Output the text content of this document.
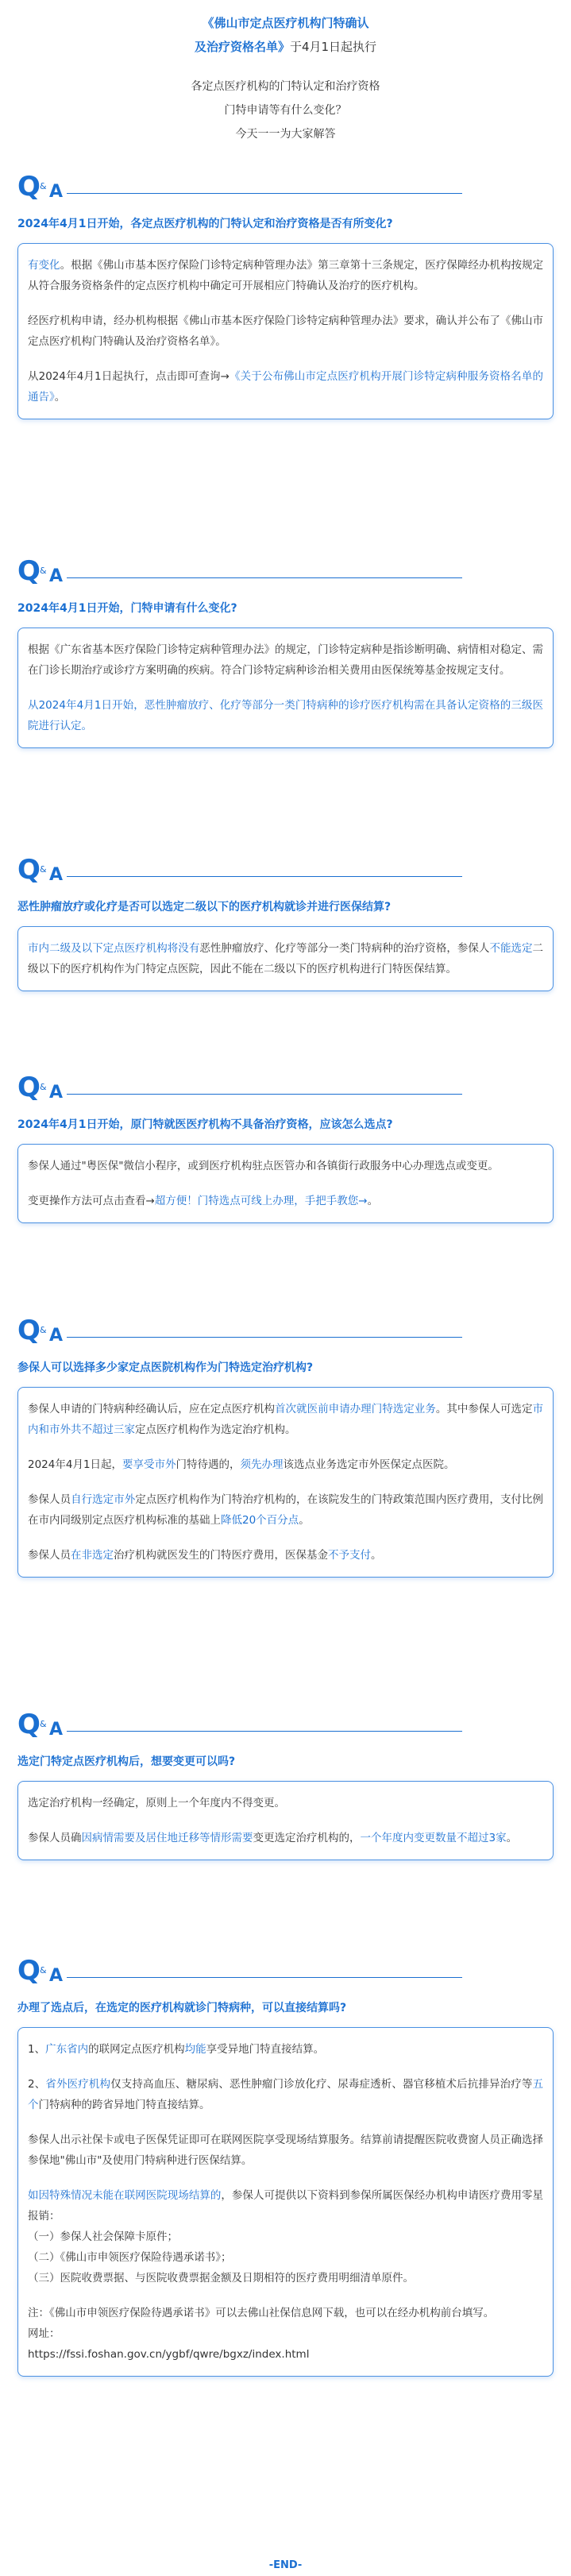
《佛山市定点医疗机构门特确认
及治疗资格名单》于4月1日起执行
各定点医疗机构的门特认定和治疗资格
门特申请等有什么变化？
今天一一为大家解答
Q & A
2024年4月1日开始，各定点医疗机构的门特认定和治疗资格是否有所变化?

有变化。根据《佛山市基本医疗保险门诊特定病种管理办法》第三章第十三条规定，医疗保障经办机构按规定从符合服务资格条件的定点医疗机构中确定可开展相应门特确认及治疗的医疗机构。

经医疗机构申请，经办机构根据《佛山市基本医疗保险门诊特定病种管理办法》要求，确认并公布了《佛山市定点医疗机构门特确认及治疗资格名单》。

从2024年4月1日起执行，点击即可查询→《关于公布佛山市定点医疗机构开展门诊特定病种服务资格名单的通告》。

Q & A
2024年4月1日开始，门特申请有什么变化?

根据《广东省基本医疗保险门诊特定病种管理办法》的规定，门诊特定病种是指诊断明确、病情相对稳定、需在门诊长期治疗或诊疗方案明确的疾病。符合门诊特定病种诊治相关费用由医保统筹基金按规定支付。

从2024年4月1日开始，恶性肿瘤放疗、化疗等部分一类门特病种的诊疗医疗机构需在具备认定资格的三级医院进行认定。

Q & A
恶性肿瘤放疗或化疗是否可以选定二级以下的医疗机构就诊并进行医保结算?

市内二级及以下定点医疗机构将没有恶性肿瘤放疗、化疗等部分一类门特病种的治疗资格，参保人不能选定二级以下的医疗机构作为门特定点医院，因此不能在二级以下的医疗机构进行门特医保结算。

Q & A
2024年4月1日开始，原门特就医医疗机构不具备治疗资格，应该怎么选点?

参保人通过"粤医保"微信小程序，或到医疗机构驻点医管办和各镇街行政服务中心办理选点或变更。

变更操作方法可点击查看→超方便！门特选点可线上办理，手把手教您→。

Q & A
参保人可以选择多少家定点医院机构作为门特选定治疗机构?

参保人申请的门特病种经确认后，应在定点医疗机构首次就医前申请办理门特选定业务。其中参保人可选定市内和市外共不超过三家定点医疗机构作为选定治疗机构。

2024年4月1日起，要享受市外门特待遇的，须先办理该选点业务选定市外医保定点医院。

参保人员自行选定市外定点医疗机构作为门特治疗机构的，在该院发生的门特政策范围内医疗费用，支付比例在市内同级别定点医疗机构标准的基础上降低20个百分点。

参保人员在非选定治疗机构就医发生的门特医疗费用，医保基金不予支付。

Q & A
选定门特定点医疗机构后，想要变更可以吗?

选定治疗机构一经确定，原则上一个年度内不得变更。

参保人员确因病情需要及居住地迁移等情形需要变更选定治疗机构的，一个年度内变更数量不超过3家。

Q & A
办理了选点后，在选定的医疗机构就诊门特病种，可以直接结算吗?

1、广东省内的联网定点医疗机构均能享受异地门特直接结算。

2、省外医疗机构仅支持高血压、糖尿病、恶性肿瘤门诊放化疗、尿毒症透析、器官移植术后抗排异治疗等五个门特病种的跨省异地门特直接结算。

参保人出示社保卡或电子医保凭证即可在联网医院享受现场结算服务。结算前请提醒医院收费窗人员正确选择参保地"佛山市"及使用门特病种进行医保结算。

如因特殊情况未能在联网医院现场结算的，参保人可提供以下资料到参保所属医保经办机构申请医疗费用零星报销：

（一）参保人社会保障卡原件；
（二）《佛山市申领医疗保险待遇承诺书》；
（三）医院收费票据、与医院收费票据金额及日期相符的医疗费用明细清单原件。

注：《佛山市申领医疗保险待遇承诺书》可以去佛山社保信息网下载，也可以在经办机构前台填写。

网址：
https://fssi.foshan.gov.cn/ygbf/qwre/bgxz/index.html

-END-
